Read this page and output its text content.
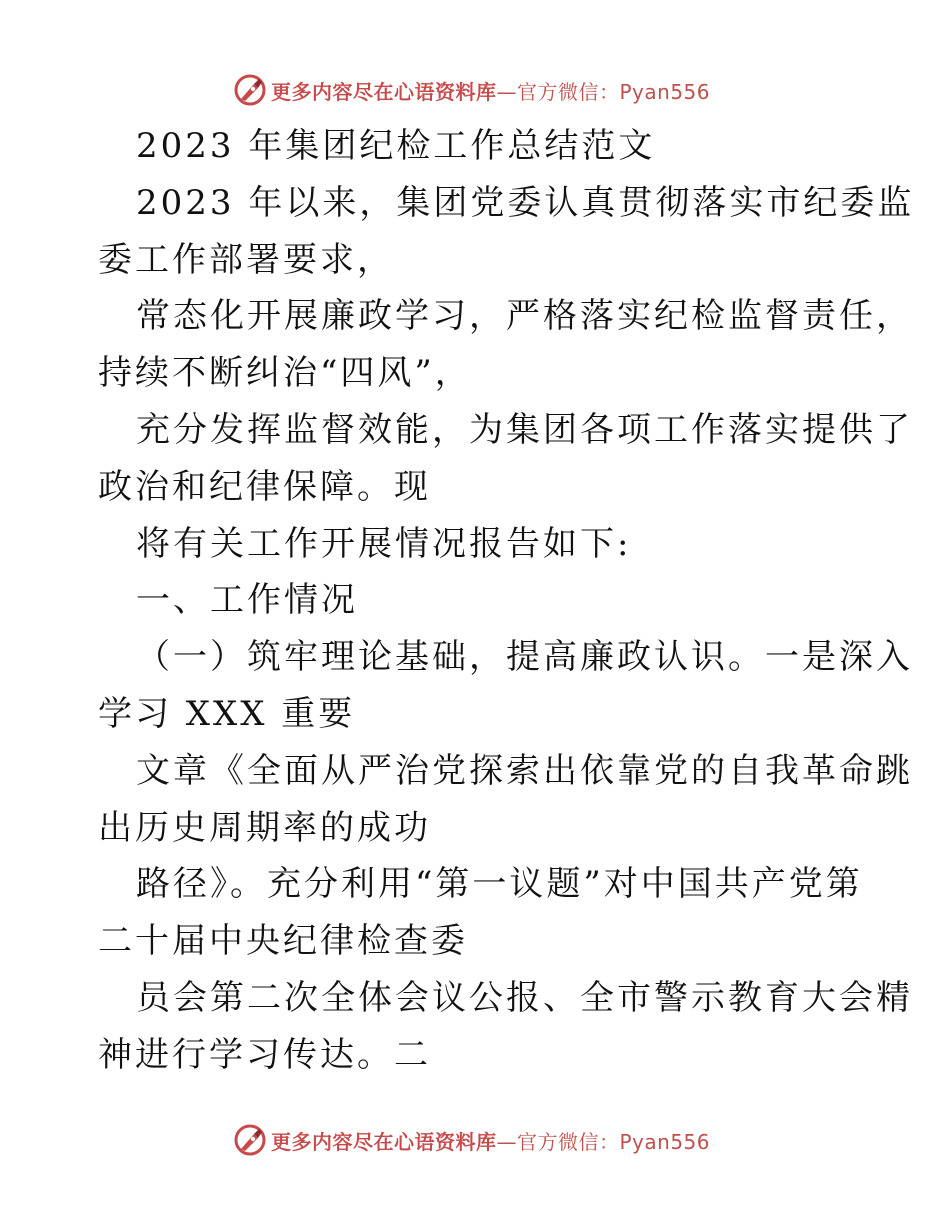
更多内容尽在心语资料库 —官方微信：Pyan556
2023 年集团纪检工作总结范文
2023 年以来，集团党委认真贯彻落实市纪委监
委工作部署要求，
常态化开展廉政学习，严格落实纪检监督责任，
持续不断纠治“四风”，
充分发挥监督效能，为集团各项工作落实提供了
政治和纪律保障。现
将有关工作开展情况报告如下:
一、工作情况
（一）筑牢理论基础，提高廉政认识。一是深入
学习 XXX 重要
文章《全面从严治党探索出依靠党的自我革命跳
出历史周期率的成功
路径》。充分利用“第一议题”对中国共产党第
二十届中央纪律检查委
员会第二次全体会议公报、全市警示教育大会精
神进行学习传达。二
更多内容尽在心语资料库 —官方微信：Pyan556
